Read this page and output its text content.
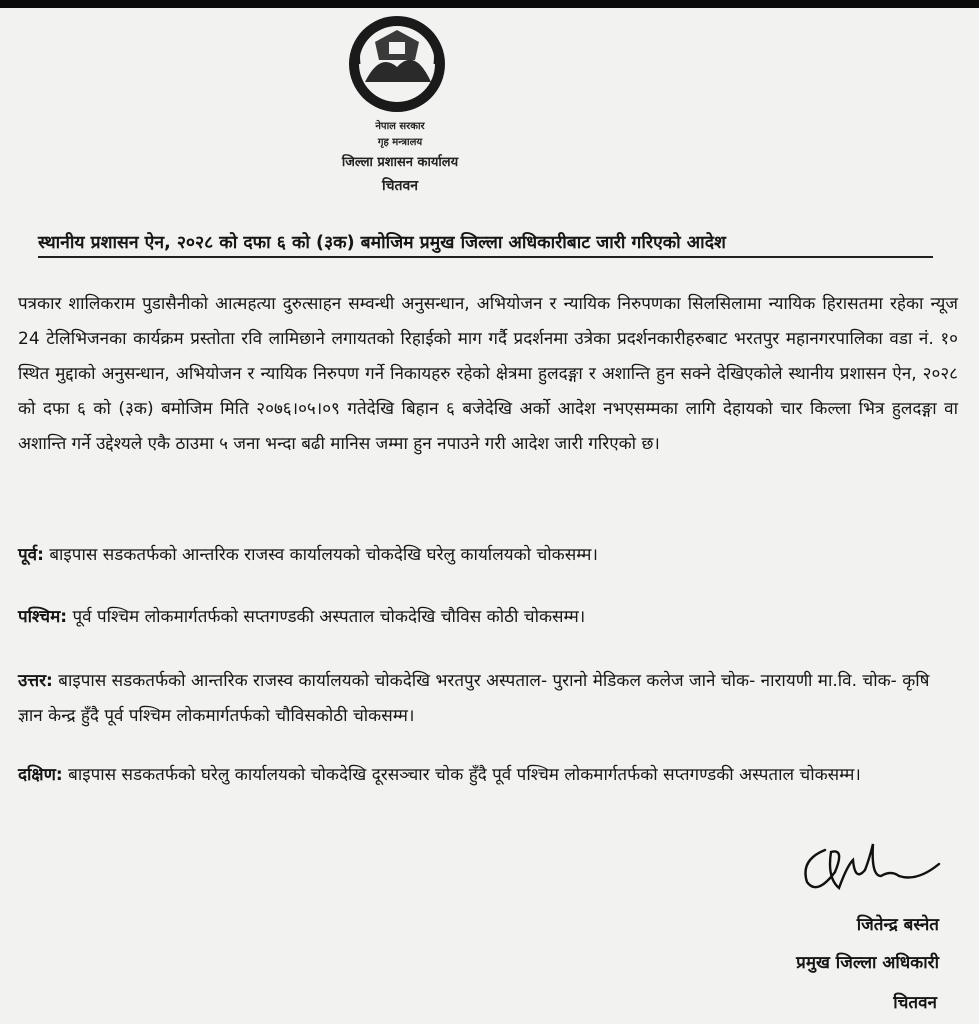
नेपाल सरकार
गृह मन्त्रालय
जिल्ला प्रशासन कार्यालय
चितवन
स्थानीय प्रशासन ऐन, २०२८ को दफा ६ को (३क) बमोजिम प्रमुख जिल्ला अधिकारीबाट जारी गरिएको आदेश
पत्रकार शालिकराम पुडासैनीको आत्महत्या दुरुत्साहन सम्वन्धी अनुसन्धान, अभियोजन र न्यायिक निरुपणका सिलसिलामा न्यायिक हिरासतमा रहेका न्यूज 24 टेलिभिजनका कार्यक्रम प्रस्तोता रवि लामिछाने लगायतको रिहाईको माग गर्दै प्रदर्शनमा उत्रेका प्रदर्शनकारीहरुबाट भरतपुर महानगरपालिका वडा नं. १० स्थित मुद्दाको अनुसन्धान, अभियोजन र न्यायिक निरुपण गर्ने निकायहरु रहेको क्षेत्रमा हुलदङ्गा र अशान्ति हुन सक्ने देखिएकोले स्थानीय प्रशासन ऐन, २०२८ को दफा ६ को (३क) बमोजिम मिति २०७६।०५।०९ गतेदेखि बिहान ६ बजेदेखि अर्को आदेश नभएसम्मका लागि देहायको चार किल्ला भित्र हुलदङ्गा वा अशान्ति गर्ने उद्देश्यले एकै ठाउमा ५ जना भन्दा बढी मानिस जम्मा हुन नपाउने गरी आदेश जारी गरिएको छ।
पूर्व: बाइपास सडकतर्फको आन्तरिक राजस्व कार्यालयको चोकदेखि घरेलु कार्यालयको चोकसम्म।
पश्चिम: पूर्व पश्चिम लोकमार्गतर्फको सप्तगण्डकी अस्पताल चोकदेखि चौविस कोठी चोकसम्म।
उत्तर: बाइपास सडकतर्फको आन्तरिक राजस्व कार्यालयको चोकदेखि भरतपुर अस्पताल- पुरानो मेडिकल कलेज जाने चोक- नारायणी मा.वि. चोक- कृषि ज्ञान केन्द्र हुँदै पूर्व पश्चिम लोकमार्गतर्फको चौविसकोठी चोकसम्म।
दक्षिण: बाइपास सडकतर्फको घरेलु कार्यालयको चोकदेखि दूरसञ्चार चोक हुँदै पूर्व पश्चिम लोकमार्गतर्फको सप्तगण्डकी अस्पताल चोकसम्म।
जितेन्द्र बस्नेत
प्रमुख जिल्ला अधिकारी
चितवन
